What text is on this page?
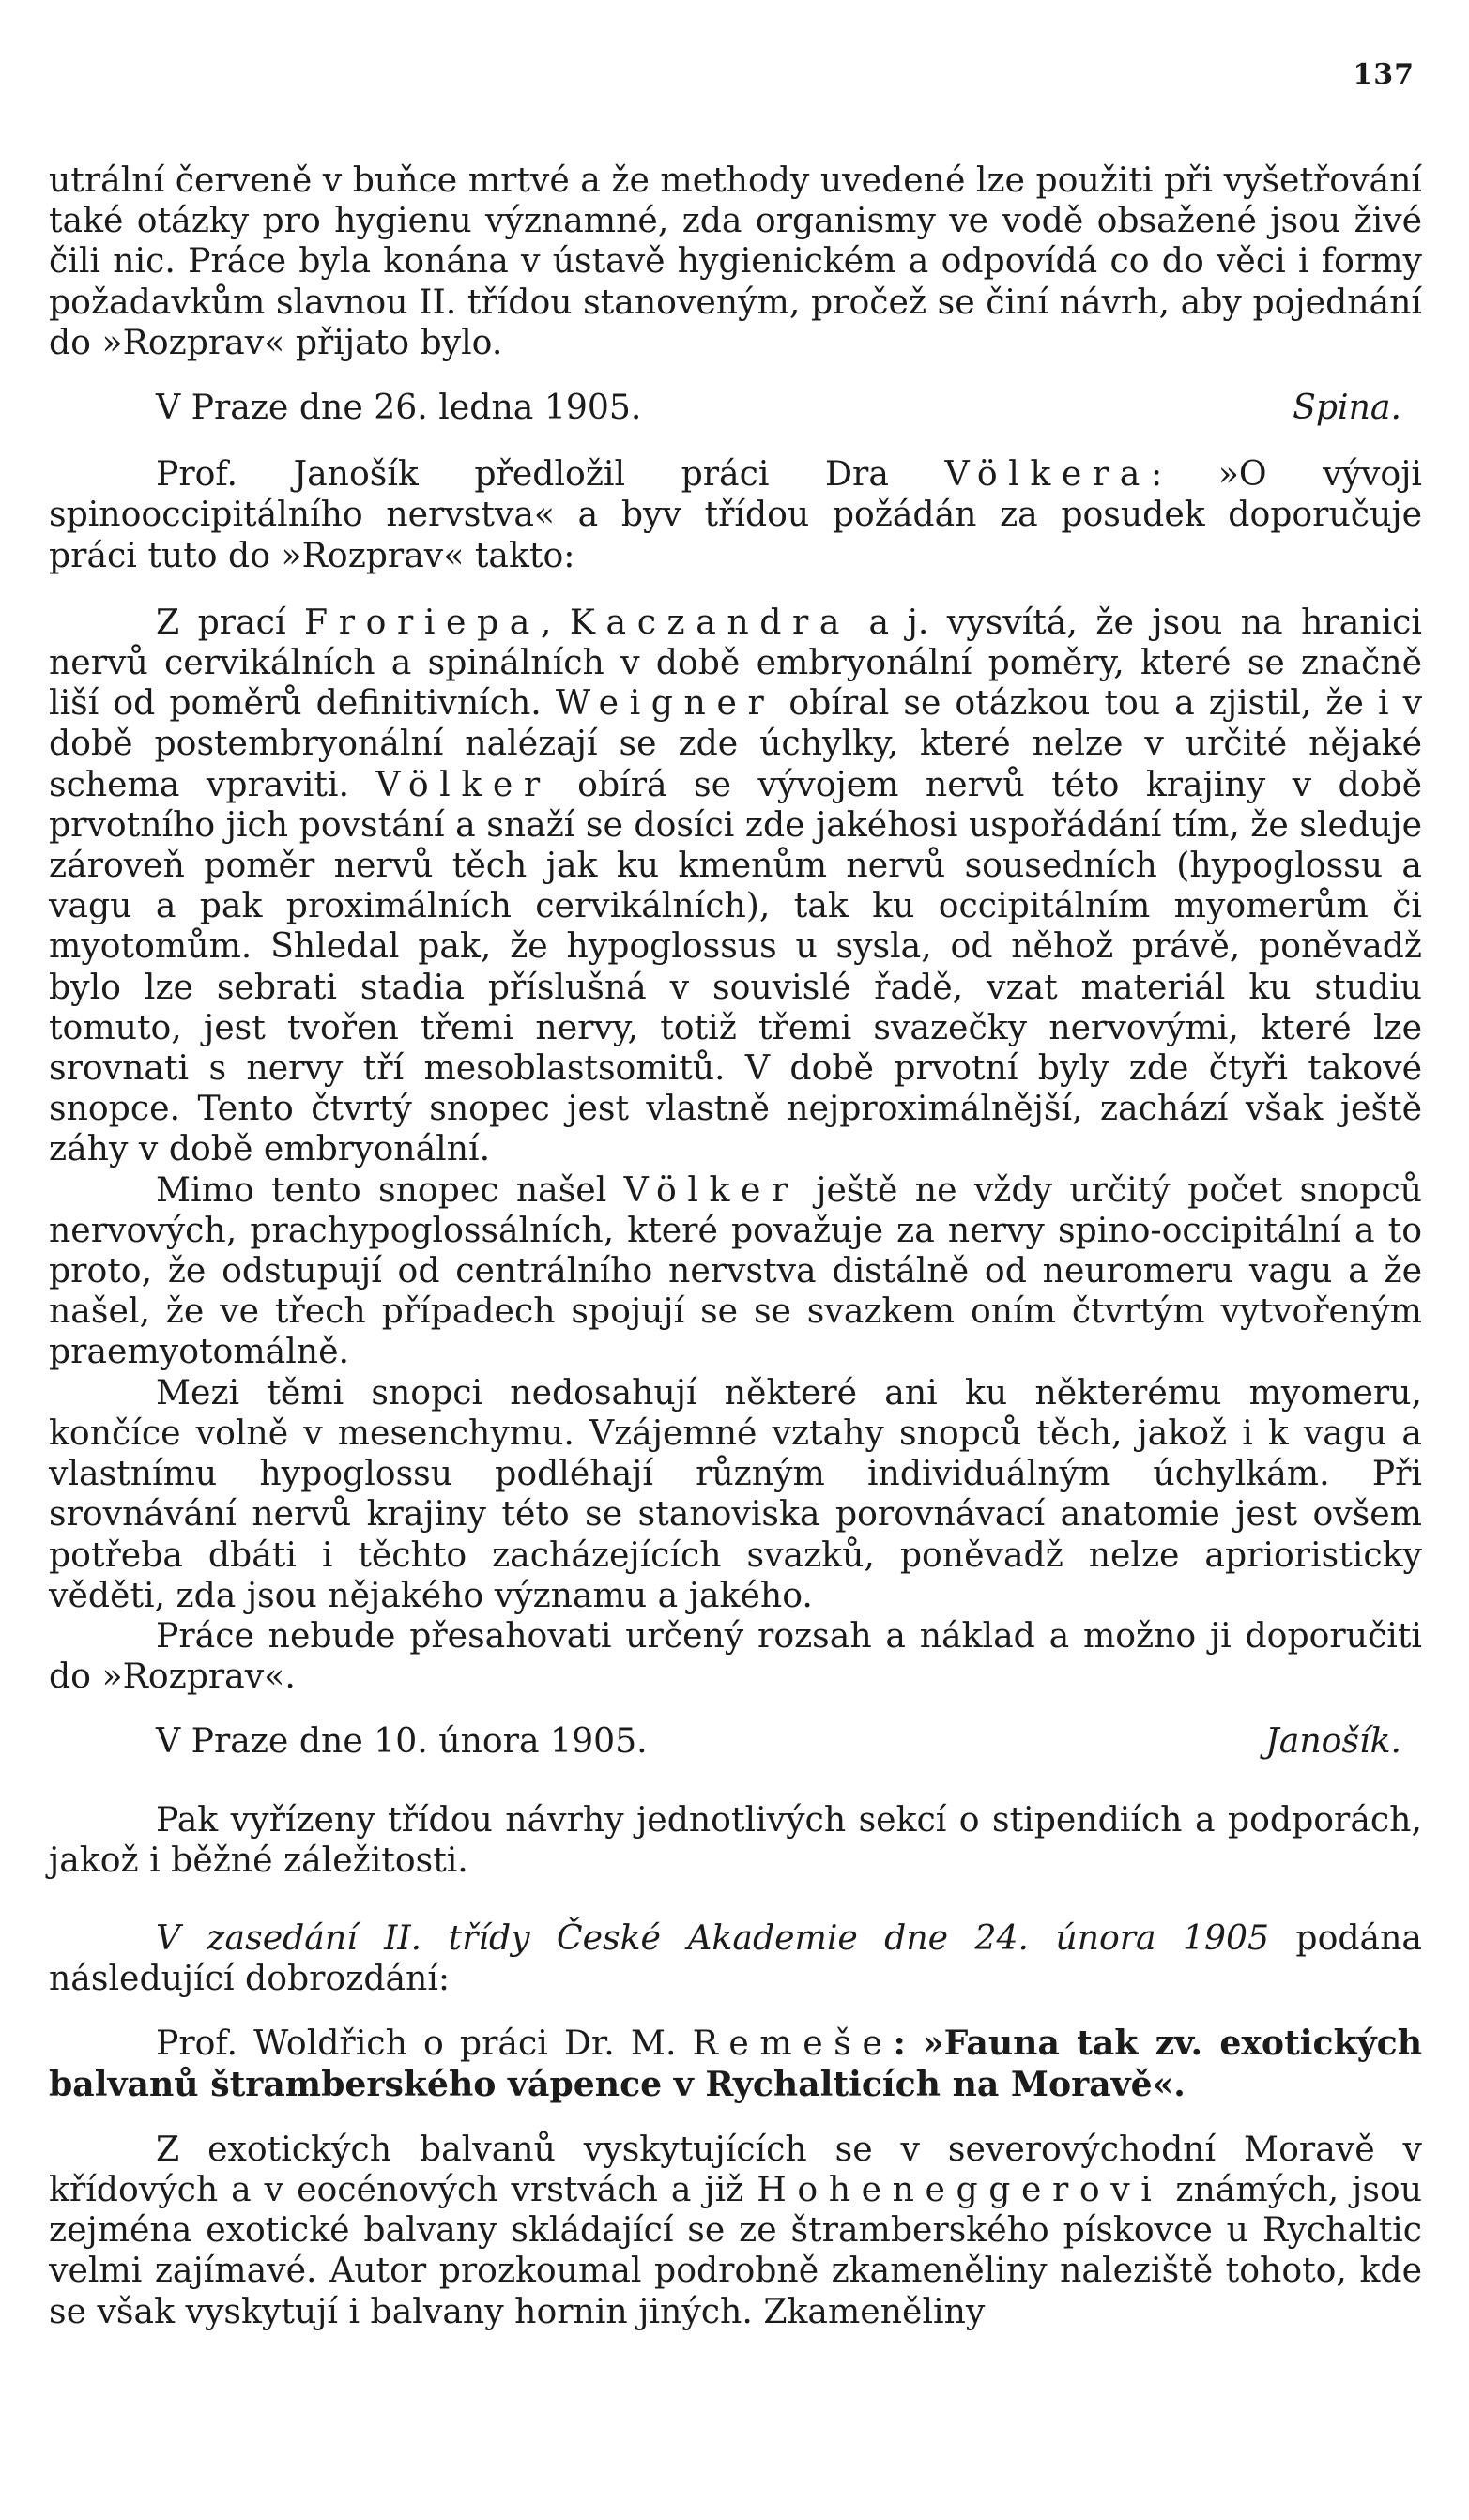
137

utrální červeně v buňce mrtvé a že methody uvedené lze použiti při vyšetřování také otázky pro hygienu významné, zda organismy ve vodě obsažené jsou živé čili nic. Práce byla konána v ústavě hygienickém a odpovídá co do věci i formy požadavkům slavnou II. třídou stanoveným, pročež se činí návrh, aby pojednání do »Rozprav« přijato bylo.

V Praze dne 26. ledna 1905.	Spina.

Prof. Janošík předložil práci Dra Völkera: »O vývoji spinooccipitálního nervstva« a byv třídou požádán za posudek doporučuje práci tuto do »Rozprav« takto:

Z prací Froriepa, Kaczandra a j. vysvítá, že jsou na hranici nervů cervikálních a spinálních v době embryonální poměry, které se značně liší od poměrů definitivních. Weigner obíral se otázkou tou a zjistil, že i v době postembryonální nalézají se zde úchylky, které nelze v určité nějaké schema vpraviti. Völker obírá se vývojem nervů této krajiny v době prvotního jich povstání a snaží se dosíci zde jakéhosi uspořádání tím, že sleduje zároveň poměr nervů těch jak ku kmenům nervů sousedních (hypoglossu a vagu a pak proximálních cervikálních), tak ku occipitálním myomerům či myotomům. Shledal pak, že hypoglossus u sysla, od něhož právě, poněvadž bylo lze sebrati stadia příslušná v souvislé řadě, vzat materiál ku studiu tomuto, jest tvořen třemi nervy, totiž třemi svazečky nervovými, které lze srovnati s nervy tří mesoblastsomitů. V době prvotní byly zde čtyři takové snopce. Tento čtvrtý snopec jest vlastně nejproximálnější, zachází však ještě záhy v době embryonální.

Mimo tento snopec našel Völker ještě ne vždy určitý počet snopců nervových, prachypoglossálních, které považuje za nervy spino-occipitální a to proto, že odstupují od centrálního nervstva distálně od neuromeru vagu a že našel, že ve třech případech spojují se se svazkem oním čtvrtým vytvořeným praemyotomálně.

Mezi těmi snopci nedosahují některé ani ku některému myomeru, končíce volně v mesenchymu. Vzájemné vztahy snopců těch, jakož i k vagu a vlastnímu hypoglossu podléhají různým individuálným úchylkám. Při srovnávání nervů krajiny této se stanoviska porovnávací anatomie jest ovšem potřeba dbáti i těchto zacházejících svazků, poněvadž nelze aprioristicky věděti, zda jsou nějakého významu a jakého.

Práce nebude přesahovati určený rozsah a náklad a možno ji doporučiti do »Rozprav«.

V Praze dne 10. února 1905.	Janošík.

Pak vyřízeny třídou návrhy jednotlivých sekcí o stipendiích a podporách, jakož i běžné záležitosti.

V zasedání II. třídy České Akademie dne 24. února 1905 podána následující dobrozdání:

Prof. Woldřich o práci Dr. M. Remeše: »Fauna tak zv. exotických balvanů štramberského vápence v Rychalticích na Moravě«.

Z exotických balvanů vyskytujících se v severovýchodní Moravě v křídových a v eocénových vrstvách a již Hoheneggerovi známých, jsou zejména exotické balvany skládající se ze štramberského pískovce u Rychaltic velmi zajímavé. Autor prozkoumal podrobně zkameněliny naleziště tohoto, kde se však vyskytují i balvany hornin jiných. Zkameněliny
